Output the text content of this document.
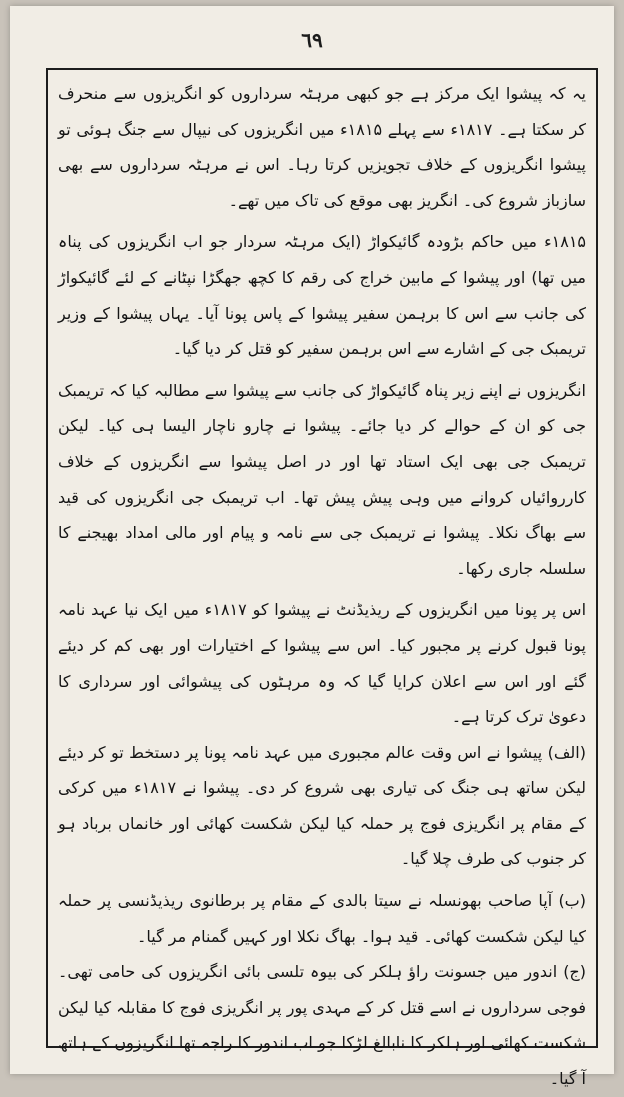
٦٩

یہ کہ پیشوا ایک مرکز ہے جو کبھی مرہٹہ سرداروں کو انگریزوں سے منحرف کر سکتا ہے۔ ۱۸۱۷ء سے پہلے ۱۸۱۵ء میں انگریزوں کی نیپال سے جنگ ہوئی تو پیشوا انگریزوں کے خلاف تجویزیں کرتا رہا۔ اس نے مرہٹہ سرداروں سے بھی سازباز شروع کی۔ انگریز بھی موقع کی تاک میں تھے۔

۱۸۱۵ء میں حاکم بڑودہ گائیکواڑ (ایک مرہٹہ سردار جو اب انگریزوں کی پناہ میں تھا) اور پیشوا کے مابین خراج کی رقم کا کچھ جھگڑا نپٹانے کے لئے گائیکواڑ کی جانب سے اس کا برہمن سفیر پیشوا کے پاس پونا آیا۔ یہاں پیشوا کے وزیر تریمبک جی کے اشارے سے اس برہمن سفیر کو قتل کر دیا گیا۔

انگریزوں نے اپنے زیر پناہ گائیکواڑ کی جانب سے پیشوا سے مطالبہ کیا کہ تریمبک جی کو ان کے حوالے کر دیا جائے۔ پیشوا نے چارو ناچار الیسا ہی کیا۔ لیکن تریمبک جی بھی ایک استاد تھا اور در اصل پیشوا سے انگریزوں کے خلاف کارروائیاں کروانے میں وہی پیش پیش تھا۔ اب تریمبک جی انگریزوں کی قید سے بھاگ نکلا۔ پیشوا نے تریمبک جی سے نامہ و پیام اور مالی امداد بھیجنے کا سلسلہ جاری رکھا۔

اس پر پونا میں انگریزوں کے ریذیڈنٹ نے پیشوا کو ۱۸۱۷ء میں ایک نیا عہد نامہ پونا قبول کرنے پر مجبور کیا۔ اس سے پیشوا کے اختیارات اور بھی کم کر دیئے گئے اور اس سے اعلان کرایا گیا کہ وہ مرہٹوں کی پیشوائی اور سرداری کا دعویٰ ترک کرتا ہے۔

(الف) پیشوا نے اس وقت عالم مجبوری میں عہد نامہ پونا پر دستخط تو کر دیئے لیکن ساتھ ہی جنگ کی تیاری بھی شروع کر دی۔ پیشوا نے ۱۸۱۷ء میں کرکی کے مقام پر انگریزی فوج پر حملہ کیا لیکن شکست کھائی اور خانماں برباد ہو کر جنوب کی طرف چلا گیا۔

(ب) آپا صاحب بھونسلہ نے سیتا بالدی کے مقام پر برطانوی ریذیڈنسی پر حملہ کیا لیکن شکست کھائی۔ قید ہوا۔ بھاگ نکلا اور کہیں گمنام مر گیا۔

(ج) اندور میں جسونت راؤ ہلکر کی بیوہ تلسی بائی انگریزوں کی حامی تھی۔ فوجی سرداروں نے اسے قتل کر کے مہدی پور پر انگریزی فوج کا مقابلہ کیا لیکن شکست کھائی اور ہلکر کا نابالغ لڑکا جو اب اندور کا راجہ تھا انگریزوں کے ہاتھ آ گیا۔
